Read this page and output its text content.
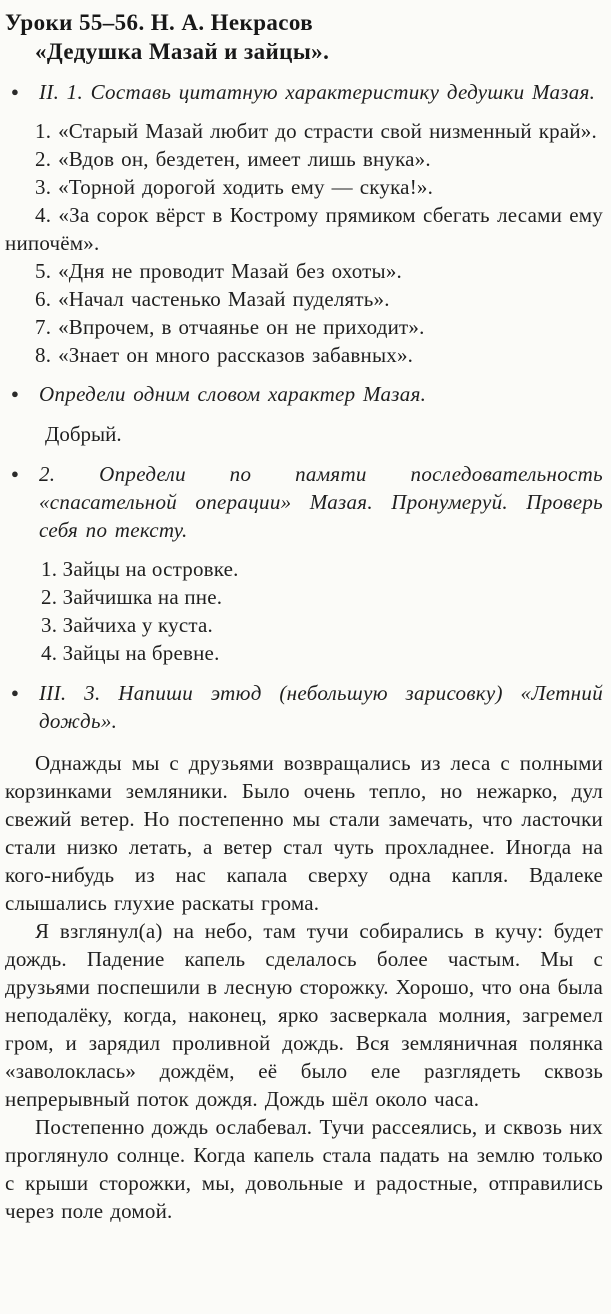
Уроки 55–56. Н. А. Некрасов
«Дедушка Мазай и зайцы».
● II. 1. Составь цитатную характеристику дедушки Мазая.

1. «Старый Мазай любит до страсти свой низменный край».

2. «Вдов он, бездетен, имеет лишь внука».

3. «Торной дорогой ходить ему — скука!».

4. «За сорок вёрст в Кострому прямиком сбегать лесами ему нипочём».

5. «Дня не проводит Мазай без охоты».

6. «Начал частенько Мазай пуделять».

7. «Впрочем, в отчаянье он не приходит».

8. «Знает он много рассказов забавных».

● Определи одним словом характер Мазая.

Добрый.

● 2. Определи по памяти последовательность «спасательной операции» Мазая. Пронумеруй. Проверь себя по тексту.

1. Зайцы на островке.

2. Зайчишка на пне.

3. Зайчиха у куста.

4. Зайцы на бревне.

● III. 3. Напиши этюд (небольшую зарисовку) «Летний дождь».

Однажды мы с друзьями возвращались из леса с полными корзинками земляники. Было очень тепло, но нежарко, дул свежий ветер. Но постепенно мы стали замечать, что ласточки стали низко летать, а ветер стал чуть прохладнее. Иногда на кого-нибудь из нас капала сверху одна капля. Вдалеке слышались глухие раскаты грома.

Я взглянул(а) на небо, там тучи собирались в кучу: будет дождь. Падение капель сделалось более частым. Мы с друзьями поспешили в лесную сторожку. Хорошо, что она была неподалёку, когда, наконец, ярко засверкала молния, загремел гром, и зарядил проливной дождь. Вся земляничная полянка «заволоклась» дождём, её было еле разглядеть сквозь непрерывный поток дождя. Дождь шёл около часа.

Постепенно дождь ослабевал. Тучи рассеялись, и сквозь них проглянуло солнце. Когда капель стала падать на землю только с крыши сторожки, мы, довольные и радостные, отправились через поле домой.
